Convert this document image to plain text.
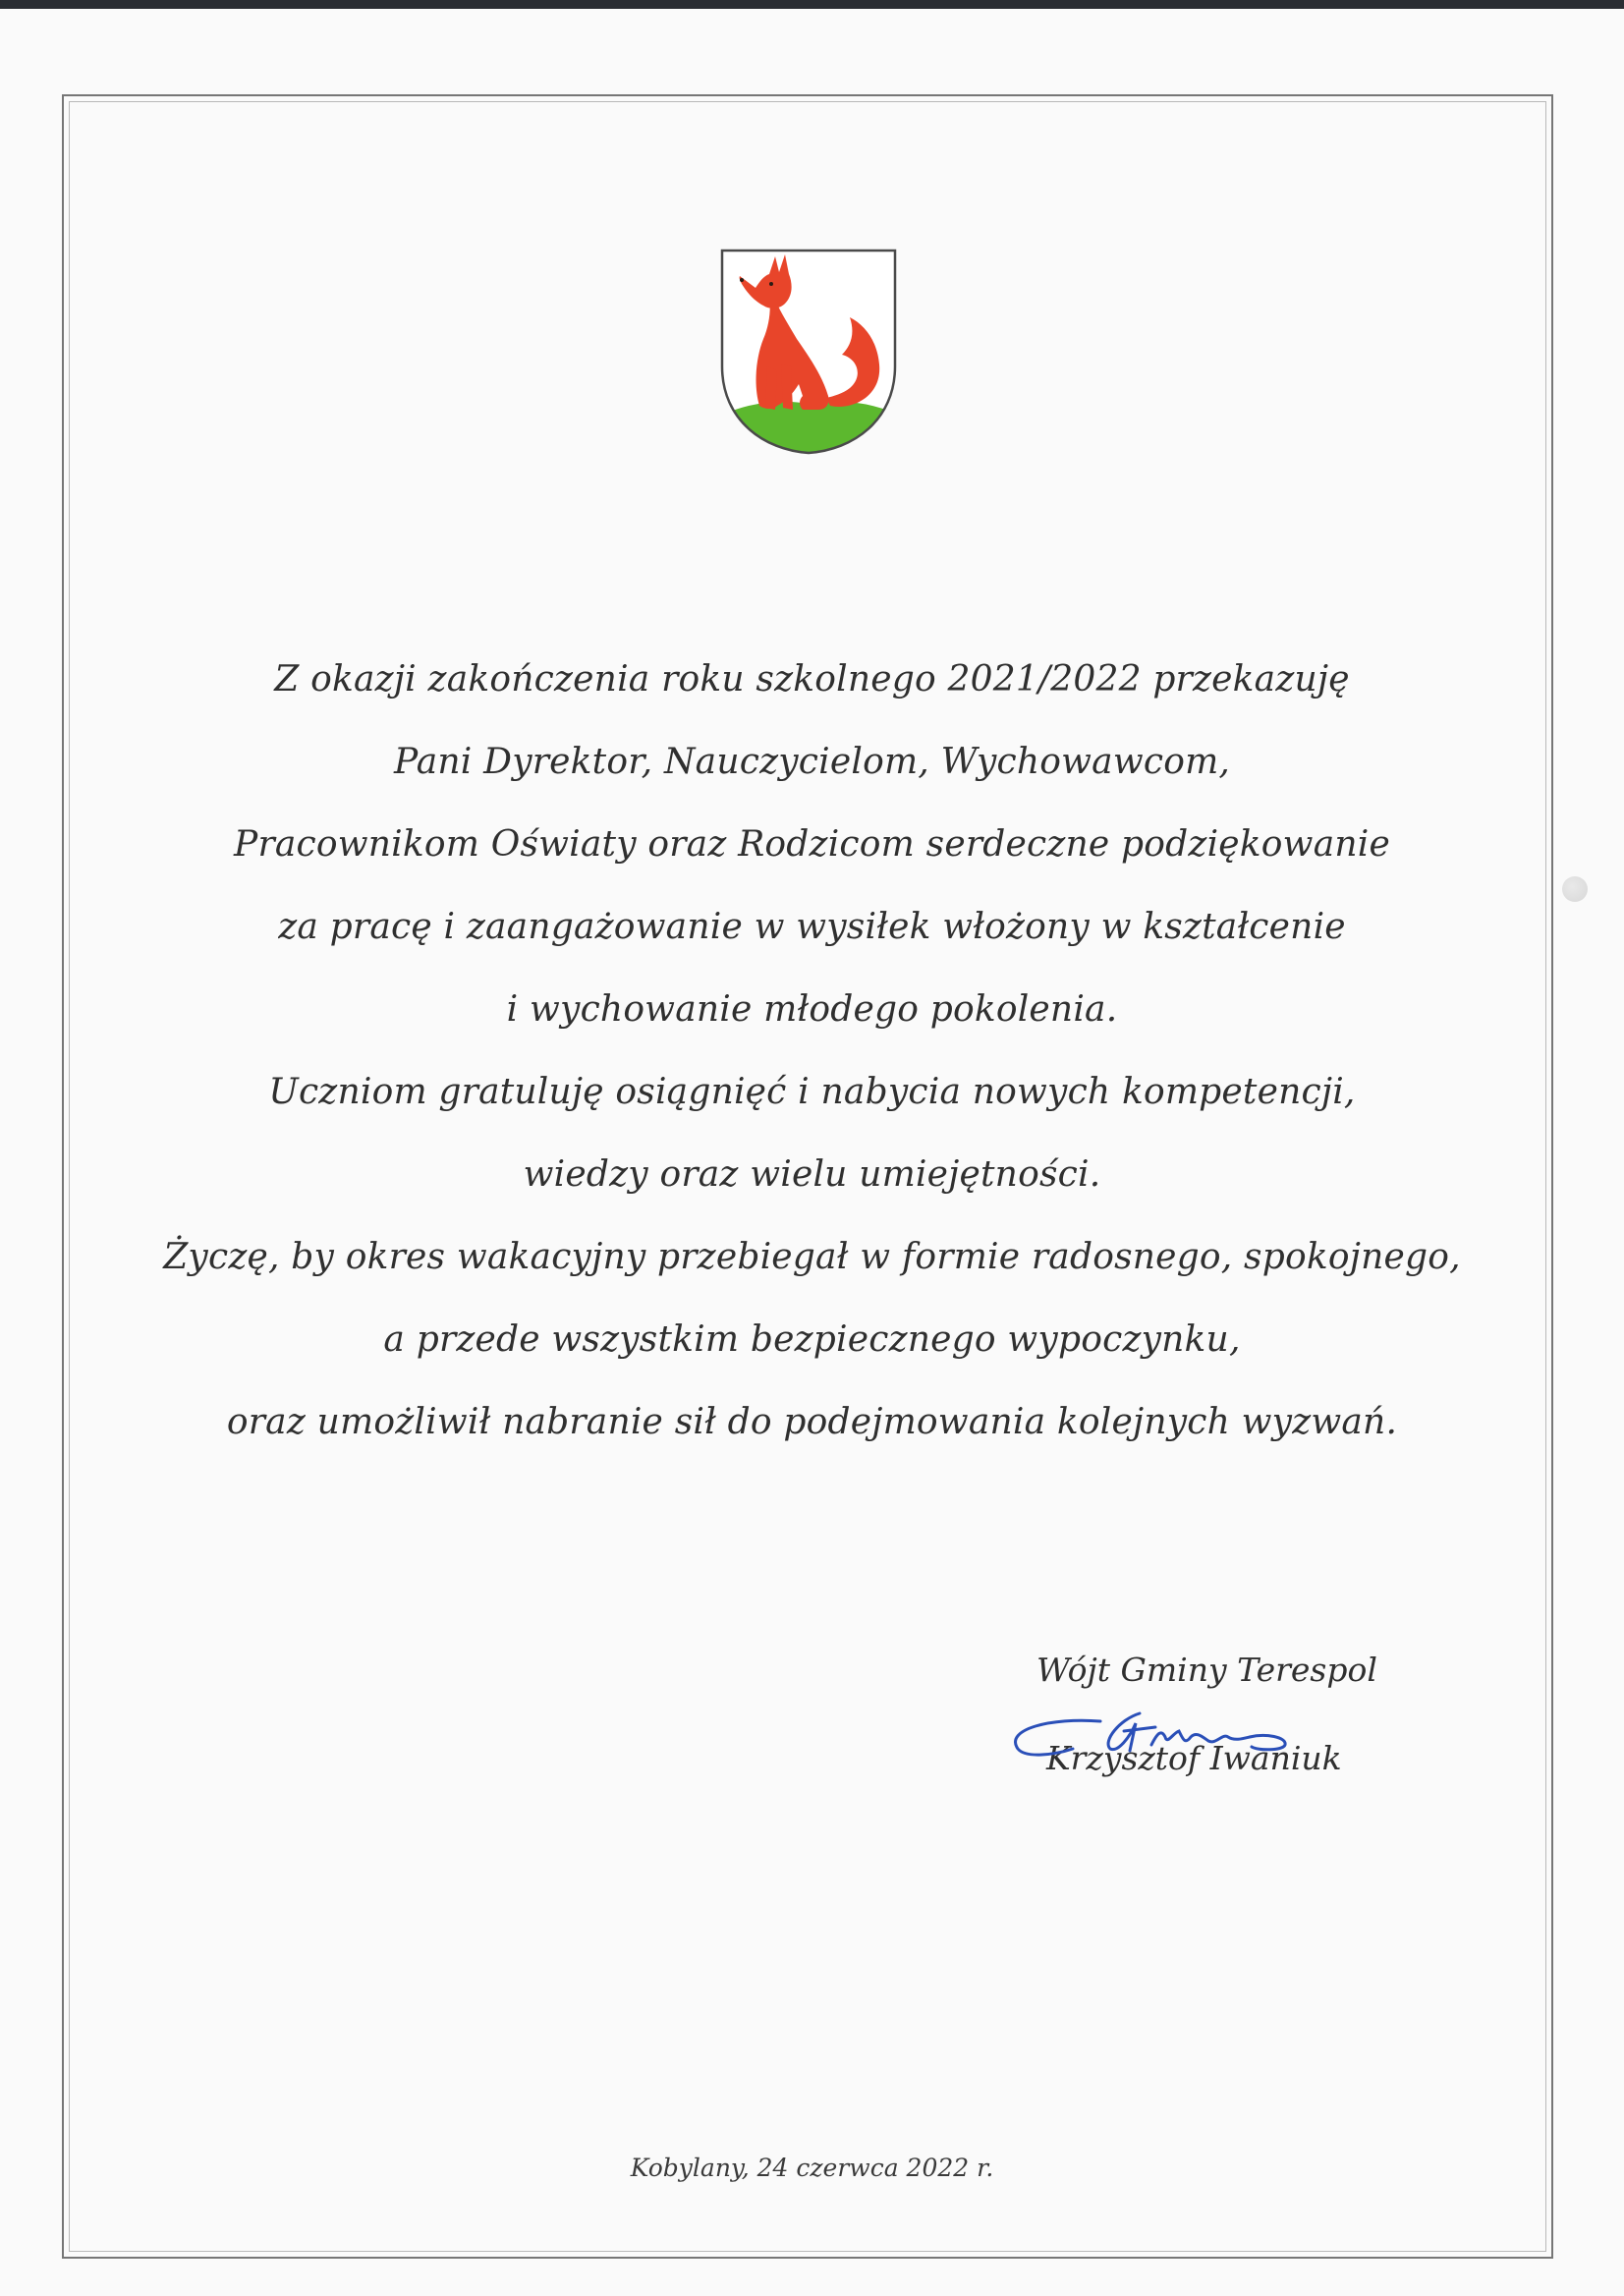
Z okazji zakończenia roku szkolnego 2021/2022 przekazuję
Pani Dyrektor, Nauczycielom, Wychowawcom,
Pracownikom Oświaty oraz Rodzicom serdeczne podziękowanie
za pracę i zaangażowanie w wysiłek włożony w kształcenie
i wychowanie młodego pokolenia.
Uczniom gratuluję osiągnięć i nabycia nowych kompetencji,
wiedzy oraz wielu umiejętności.
Życzę, by okres wakacyjny przebiegał w formie radosnego, spokojnego,
a przede wszystkim bezpiecznego wypoczynku,
oraz umożliwił nabranie sił do podejmowania kolejnych wyzwań.
Wójt Gminy Terespol
Krzysztof Iwaniuk
Kobylany, 24 czerwca 2022 r.
